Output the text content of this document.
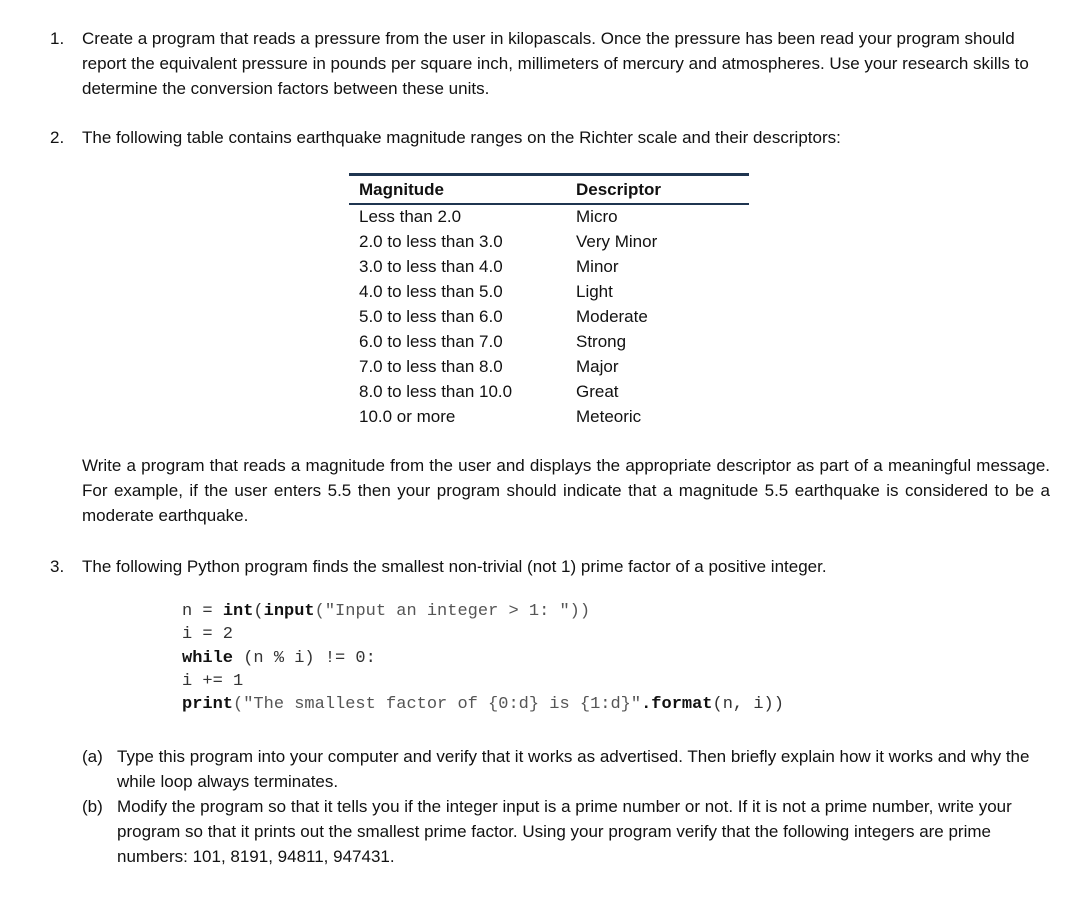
1. Create a program that reads a pressure from the user in kilopascals. Once the pressure has been read your program should report the equivalent pressure in pounds per square inch, millimeters of mercury and atmospheres. Use your research skills to determine the conversion factors between these units.
2. The following table contains earthquake magnitude ranges on the Richter scale and their descriptors:
Magnitude	Descriptor
Less than 2.0	Micro
2.0 to less than 3.0	Very Minor
3.0 to less than 4.0	Minor
4.0 to less than 5.0	Light
5.0 to less than 6.0	Moderate
6.0 to less than 7.0	Strong
7.0 to less than 8.0	Major
8.0 to less than 10.0	Great
10.0 or more	Meteoric
Write a program that reads a magnitude from the user and displays the appropriate descriptor as part of a meaningful message. For example, if the user enters 5.5 then your program should indicate that a magnitude 5.5 earthquake is considered to be a moderate earthquake.
3. The following Python program finds the smallest non-trivial (not 1) prime factor of a positive integer.
n = int(input("Input an integer > 1: "))
i = 2
while (n % i) != 0:
i += 1
print("The smallest factor of {0:d} is {1:d}".format(n, i))
(a) Type this program into your computer and verify that it works as advertised. Then briefly explain how it works and why the while loop always terminates.
(b) Modify the program so that it tells you if the integer input is a prime number or not. If it is not a prime number, write your program so that it prints out the smallest prime factor. Using your program verify that the following integers are prime numbers: 101, 8191, 94811, 947431.
